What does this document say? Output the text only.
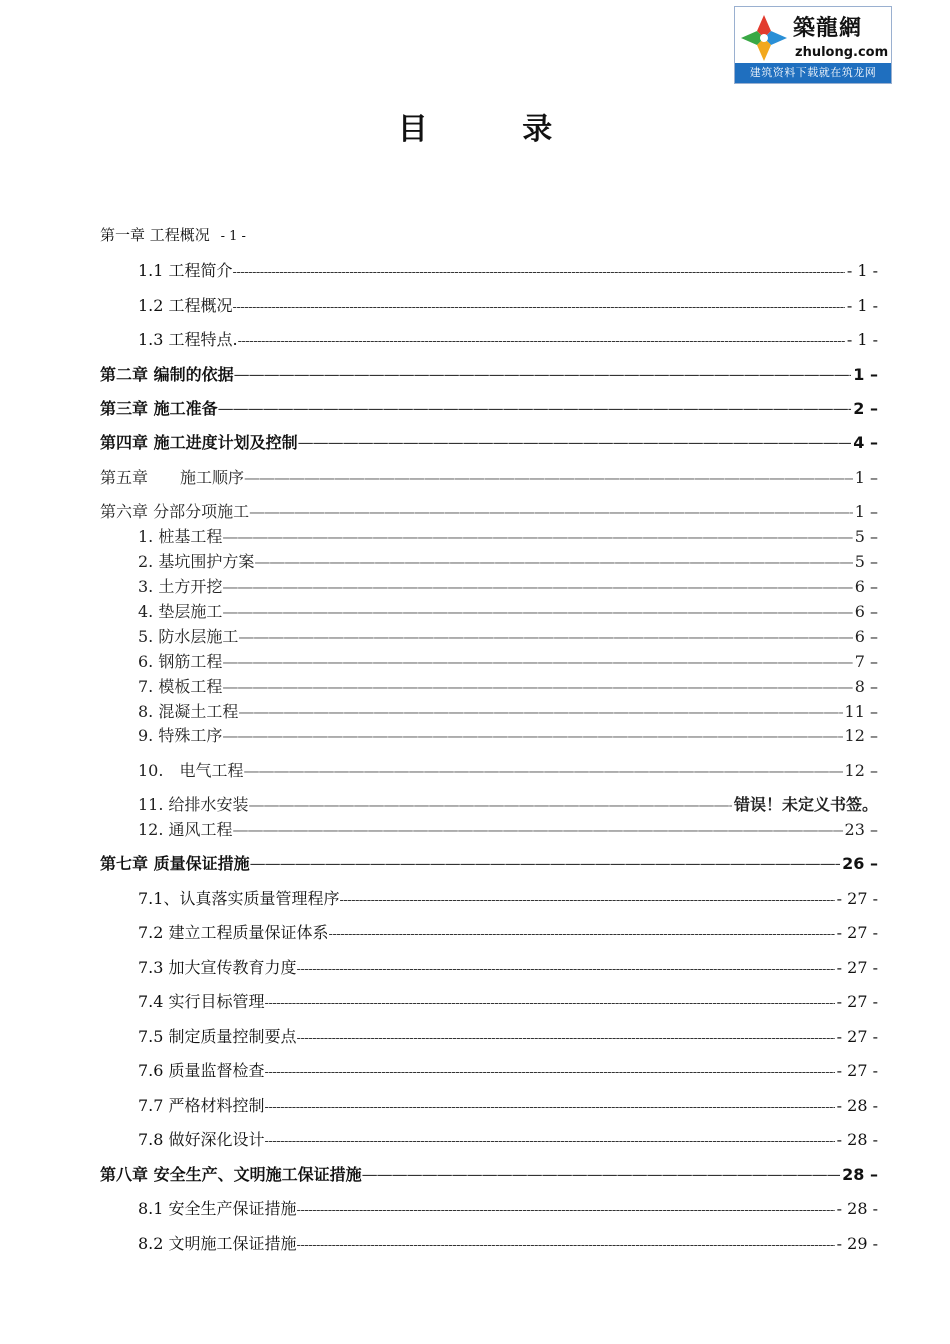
築龍網
zhulong.com
建筑资料下载就在筑龙网
目 录
第一章 工程概况 - 1 -
1.1 工程简介 -----	- 1 -
1.2 工程概况 -----	- 1 -
1.3 工程特点. -----	- 1 -
第二章 编制的依据 —————	1 –
第三章 施工准备 —————	2 –
第四章 施工进度计划及控制 —————	4 –
第五章　　施工顺序 —————	1 –
第六章 分部分项施工 —————	1 –
1. 桩基工程 —————	5 –
2. 基坑围护方案 —————	5 –
3. 土方开挖 —————	6 –
4. 垫层施工 —————	6 –
5. 防水层施工 —————	6 –
6. 钢筋工程 —————	7 –
7. 模板工程 —————	8 –
8. 混凝土工程 —————	11 –
9. 特殊工序 —————	12 –
10.　电气工程 —————	12 –
11. 给排水安装 —————	错误！未定义书签。
12. 通风工程 —————	23 –
第七章 质量保证措施 —————	26 –
7.1、认真落实质量管理程序 -----	- 27 -
7.2 建立工程质量保证体系 -----	- 27 -
7.3 加大宣传教育力度 -----	- 27 -
7.4 实行目标管理 -----	- 27 -
7.5 制定质量控制要点 -----	- 27 -
7.6 质量监督检查 -----	- 27 -
7.7 严格材料控制 -----	- 28 -
7.8 做好深化设计 -----	- 28 -
第八章 安全生产、文明施工保证措施 —————	28 –
8.1 安全生产保证措施 -----	- 28 -
8.2 文明施工保证措施 -----	- 29 -
